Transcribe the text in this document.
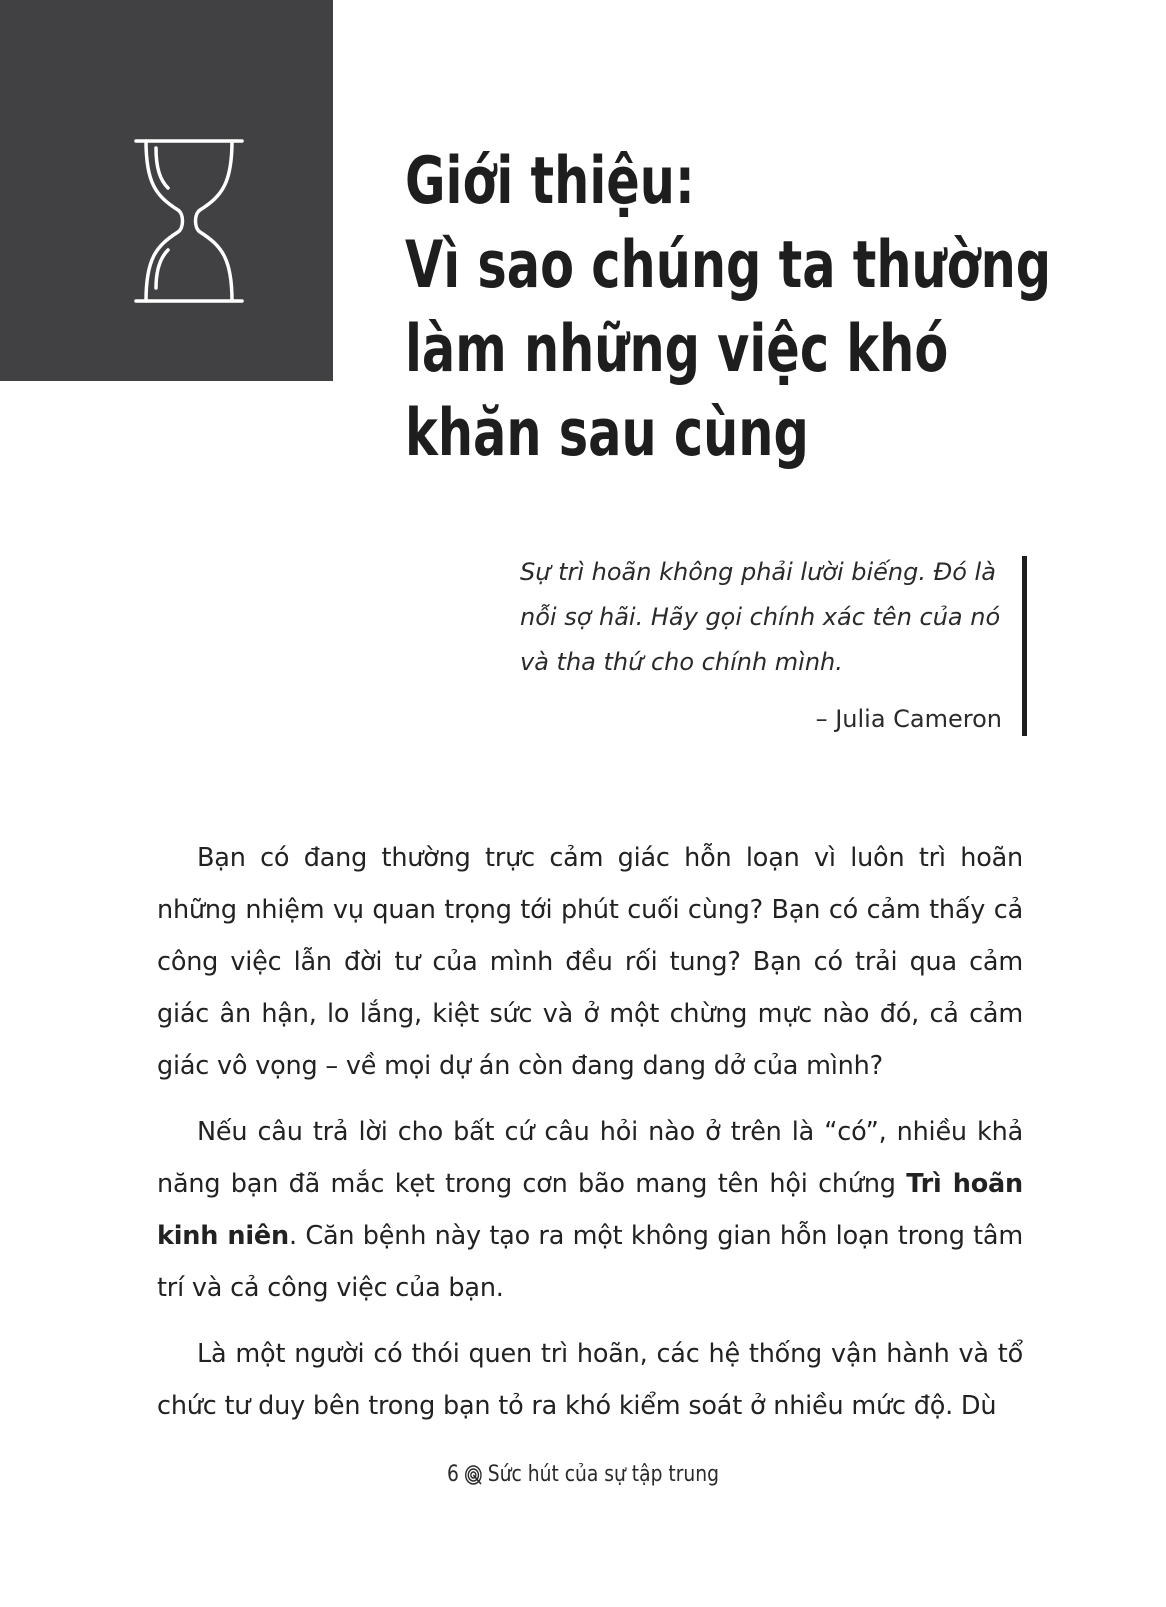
Giới thiệu:
Vì sao chúng ta thường
làm những việc khó
khăn sau cùng

Sự trì hoãn không phải lười biếng. Đó là nỗi sợ hãi. Hãy gọi chính xác tên của nó và tha thứ cho chính mình.

– Julia Cameron

Bạn có đang thường trực cảm giác hỗn loạn vì luôn trì hoãn những nhiệm vụ quan trọng tới phút cuối cùng? Bạn có cảm thấy cả công việc lẫn đời tư của mình đều rối tung? Bạn có trải qua cảm giác ân hận, lo lắng, kiệt sức và ở một chừng mực nào đó, cả cảm giác vô vọng – về mọi dự án còn đang dang dở của mình?

Nếu câu trả lời cho bất cứ câu hỏi nào ở trên là “có”, nhiều khả năng bạn đã mắc kẹt trong cơn bão mang tên hội chứng Trì hoãn kinh niên. Căn bệnh này tạo ra một không gian hỗn loạn trong tâm trí và cả công việc của bạn.

Là một người có thói quen trì hoãn, các hệ thống vận hành và tổ chức tư duy bên trong bạn tỏ ra khó kiểm soát ở nhiều mức độ. Dù

6 Sức hút của sự tập trung
